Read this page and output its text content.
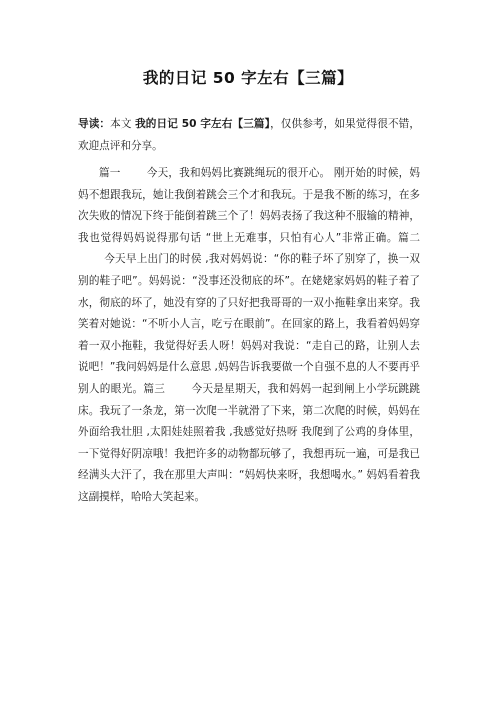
我的日记 50 字左右【三篇】
导读：本文 我的日记 50 字左右【三篇】，仅供参考，如果觉得很不错，欢迎点评和分享。
篇一 今天，我和妈妈比赛跳绳玩的很开心。 刚开始的时候，妈妈不想跟我玩，她让我倒着跳会三个才和我玩。于是我不断的练习，在多次失败的情况下终于能倒着跳三个了！妈妈表扬了我这种不服输的精神，我也觉得妈妈说得那句话 “世上无难事，只怕有心人”非常正确。篇二今天早上出门的时侯 ,我对妈妈说：“你的鞋子坏了别穿了，换一双别的鞋子吧”。妈妈说：“没事还没彻底的坏”。在姥姥家妈妈的鞋子着了水，彻底的坏了，她没有穿的了只好把我哥哥的一双小拖鞋拿出来穿。我笑着对她说：“不听小人言，吃亏在眼前”。在回家的路上，我看着妈妈穿着一双小拖鞋，我觉得好丢人呀！妈妈对我说：“走自己的路，让别人去说吧！”我问妈妈是什么意思 ,妈妈告诉我要做一个自强不息的人不要再乎别人的眼光。篇三 今天是星期天，我和妈妈一起到闸上小学玩跳跳床。我玩了一条龙，第一次爬一半就滑了下来，第二次爬的时候，妈妈在外面给我壮胆 ,太阳娃娃照着我 ,我感觉好热呀 我爬到了公鸡的身体里，一下觉得好阴凉哦！我把许多的动物都玩够了，我想再玩一遍，可是我已经满头大汗了，我在那里大声叫：“妈妈快来呀，我想喝水。” 妈妈看着我这副摸样，哈哈大笑起来。
